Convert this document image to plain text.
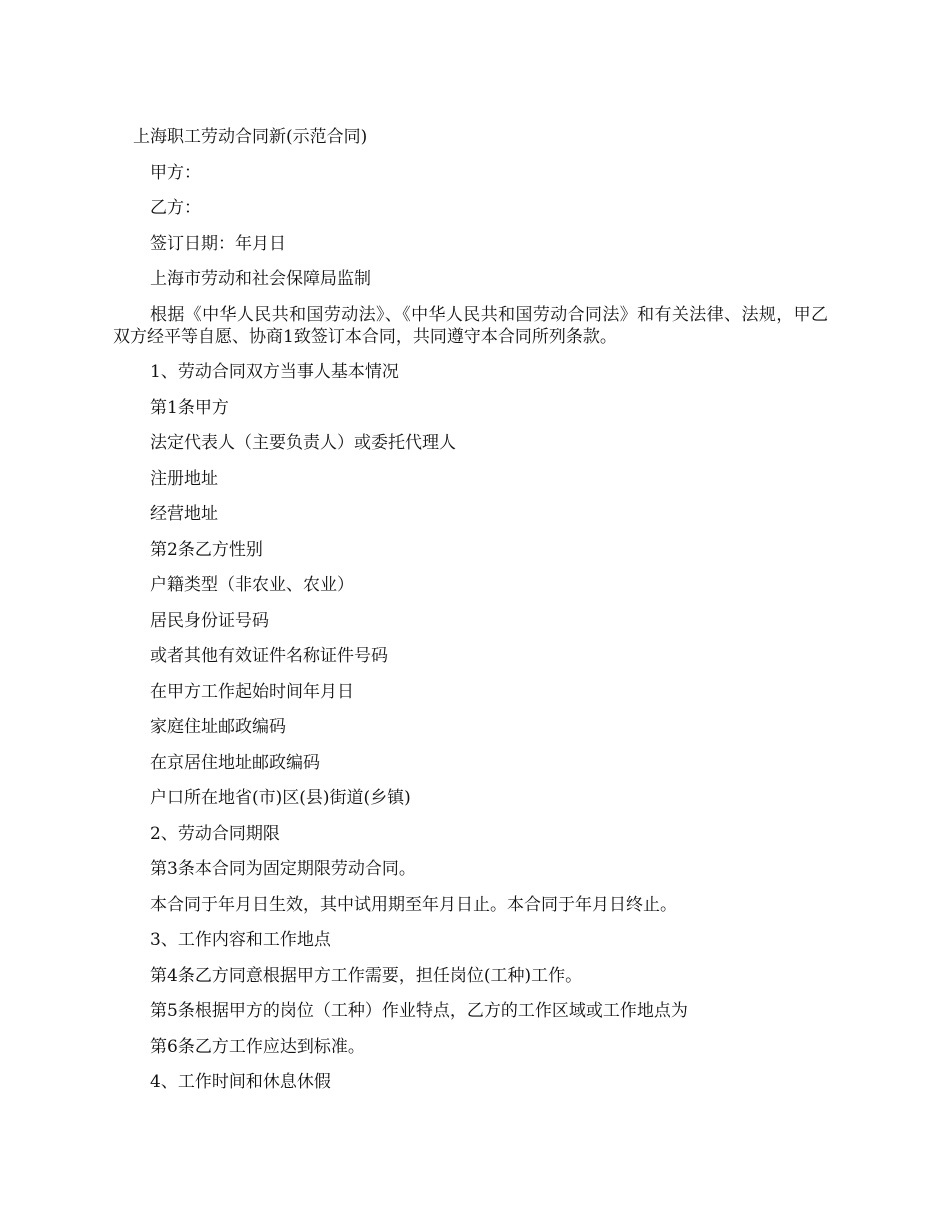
上海职工劳动合同新(示范合同)

甲方：

乙方：

签订日期：年月日

上海市劳动和社会保障局监制

根据《中华人民共和国劳动法》、《中华人民共和国劳动合同法》和有关法律、法规，甲乙双方经平等自愿、协商1致签订本合同，共同遵守本合同所列条款。

1、劳动合同双方当事人基本情况

第1条甲方

法定代表人（主要负责人）或委托代理人

注册地址

经营地址

第2条乙方性别

户籍类型（非农业、农业）

居民身份证号码

或者其他有效证件名称证件号码

在甲方工作起始时间年月日

家庭住址邮政编码

在京居住地址邮政编码

户口所在地省(市)区(县)街道(乡镇)

2、劳动合同期限

第3条本合同为固定期限劳动合同。

本合同于年月日生效，其中试用期至年月日止。本合同于年月日终止。

3、工作内容和工作地点

第4条乙方同意根据甲方工作需要，担任岗位(工种)工作。

第5条根据甲方的岗位（工种）作业特点，乙方的工作区域或工作地点为

第6条乙方工作应达到标准。

4、工作时间和休息休假
